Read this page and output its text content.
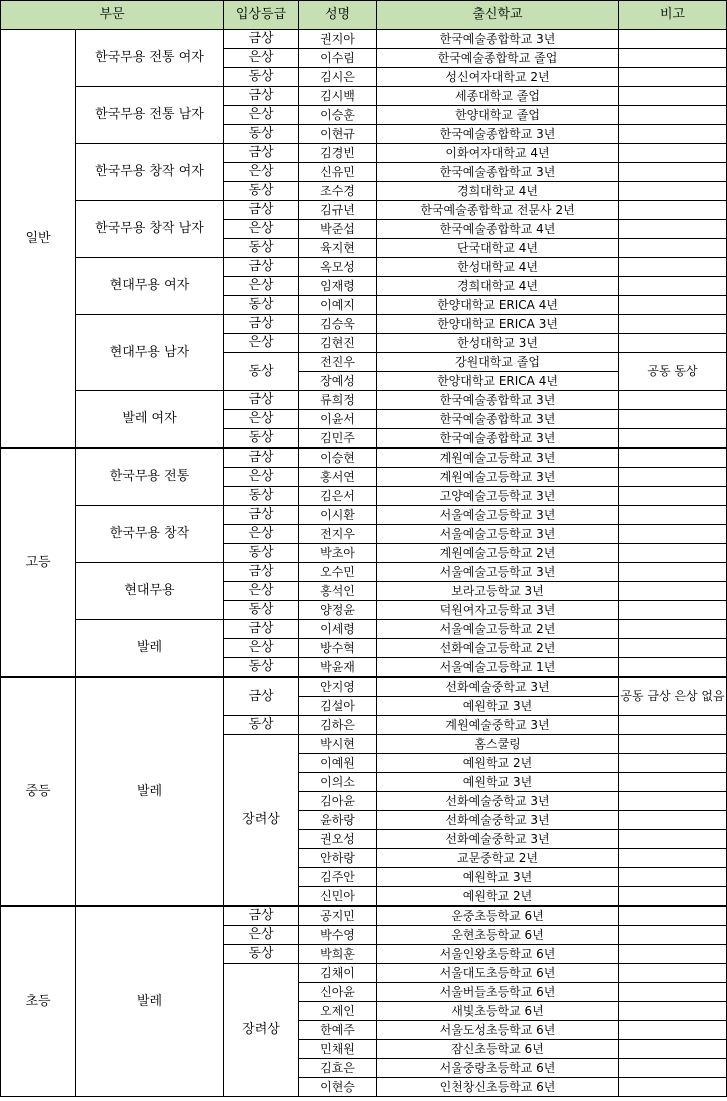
부문		입상등급	성명	출신학교	비고
일반	한국무용 전통 여자	금상	권지아	한국예술종합학교 3년	
		은상	이수림	한국예술종합학교 졸업	
		동상	김시은	성신여자대학교 2년	
	한국무용 전통 남자	금상	김시백	세종대학교 졸업	
		은상	이승훈	한양대학교 졸업	
		동상	이현규	한국예술종합학교 3년	
	한국무용 창작 여자	금상	김경빈	이화여자대학교 4년	
		은상	신유민	한국예술종합학교 3년	
		동상	조수경	경희대학교 4년	
	한국무용 창작 남자	금상	김규년	한국예술종합학교 전문사 2년	
		은상	박준섭	한국예술종합학교 4년	
		동상	육지현	단국대학교 4년	
	현대무용 여자	금상	옥모성	한성대학교 4년	
		은상	임재령	경희대학교 4년	
		동상	이예지	한양대학교 ERICA 4년	
	현대무용 남자	금상	김승욱	한양대학교 ERICA 3년	
		은상	김현진	한성대학교 3년	
		동상	전진우	강원대학교 졸업	공동 동상
			장예성	한양대학교 ERICA 4년	
	발레 여자	금상	류희정	한국예술종합학교 3년	
		은상	이윤서	한국예술종합학교 3년	
		동상	김민주	한국예술종합학교 3년	
고등	한국무용 전통	금상	이승현	계원예술고등학교 3년	
		은상	홍서연	계원예술고등학교 3년	
		동상	김은서	고양예술고등학교 3년	
	한국무용 창작	금상	이시환	서울예술고등학교 3년	
		은상	전지우	서울예술고등학교 3년	
		동상	박초아	계원예술고등학교 2년	
	현대무용	금상	오수민	서울예술고등학교 3년	
		은상	홍석인	보라고등학교 3년	
		동상	양정윤	덕원여자고등학교 3년	
	발레	금상	이세령	서울예술고등학교 2년	
		은상	방수혁	선화예술고등학교 2년	
		동상	박윤재	서울예술고등학교 1년	
중등	발레	금상	안지영	선화예술중학교 3년	공동 금상 은상 없음
			김설아	예원학교 3년	
		동상	김하은	계원예술중학교 3년	
		장려상	박시현	홈스쿨링	
			이예원	예원학교 2년	
			이의소	예원학교 3년	
			김아윤	선화예술중학교 3년	
			윤하랑	선화예술중학교 3년	
			권오성	선화예술중학교 3년	
			안하랑	교문중학교 2년	
			김주안	예원학교 3년	
			신민아	예원학교 2년	
초등	발레	금상	공지민	운중초등학교 6년	
		은상	박수영	운현초등학교 6년	
		동상	박희훈	서울인왕초등학교 6년	
		장려상	김채이	서울대도초등학교 6년	
			신아윤	서울버들초등학교 6년	
			오제인	새빛초등학교 6년	
			한예주	서울도성초등학교 6년	
			민채원	잠신초등학교 6년	
			김효은	서울중랑초등학교 6년	
			이현승	인천창신초등학교 6년	
